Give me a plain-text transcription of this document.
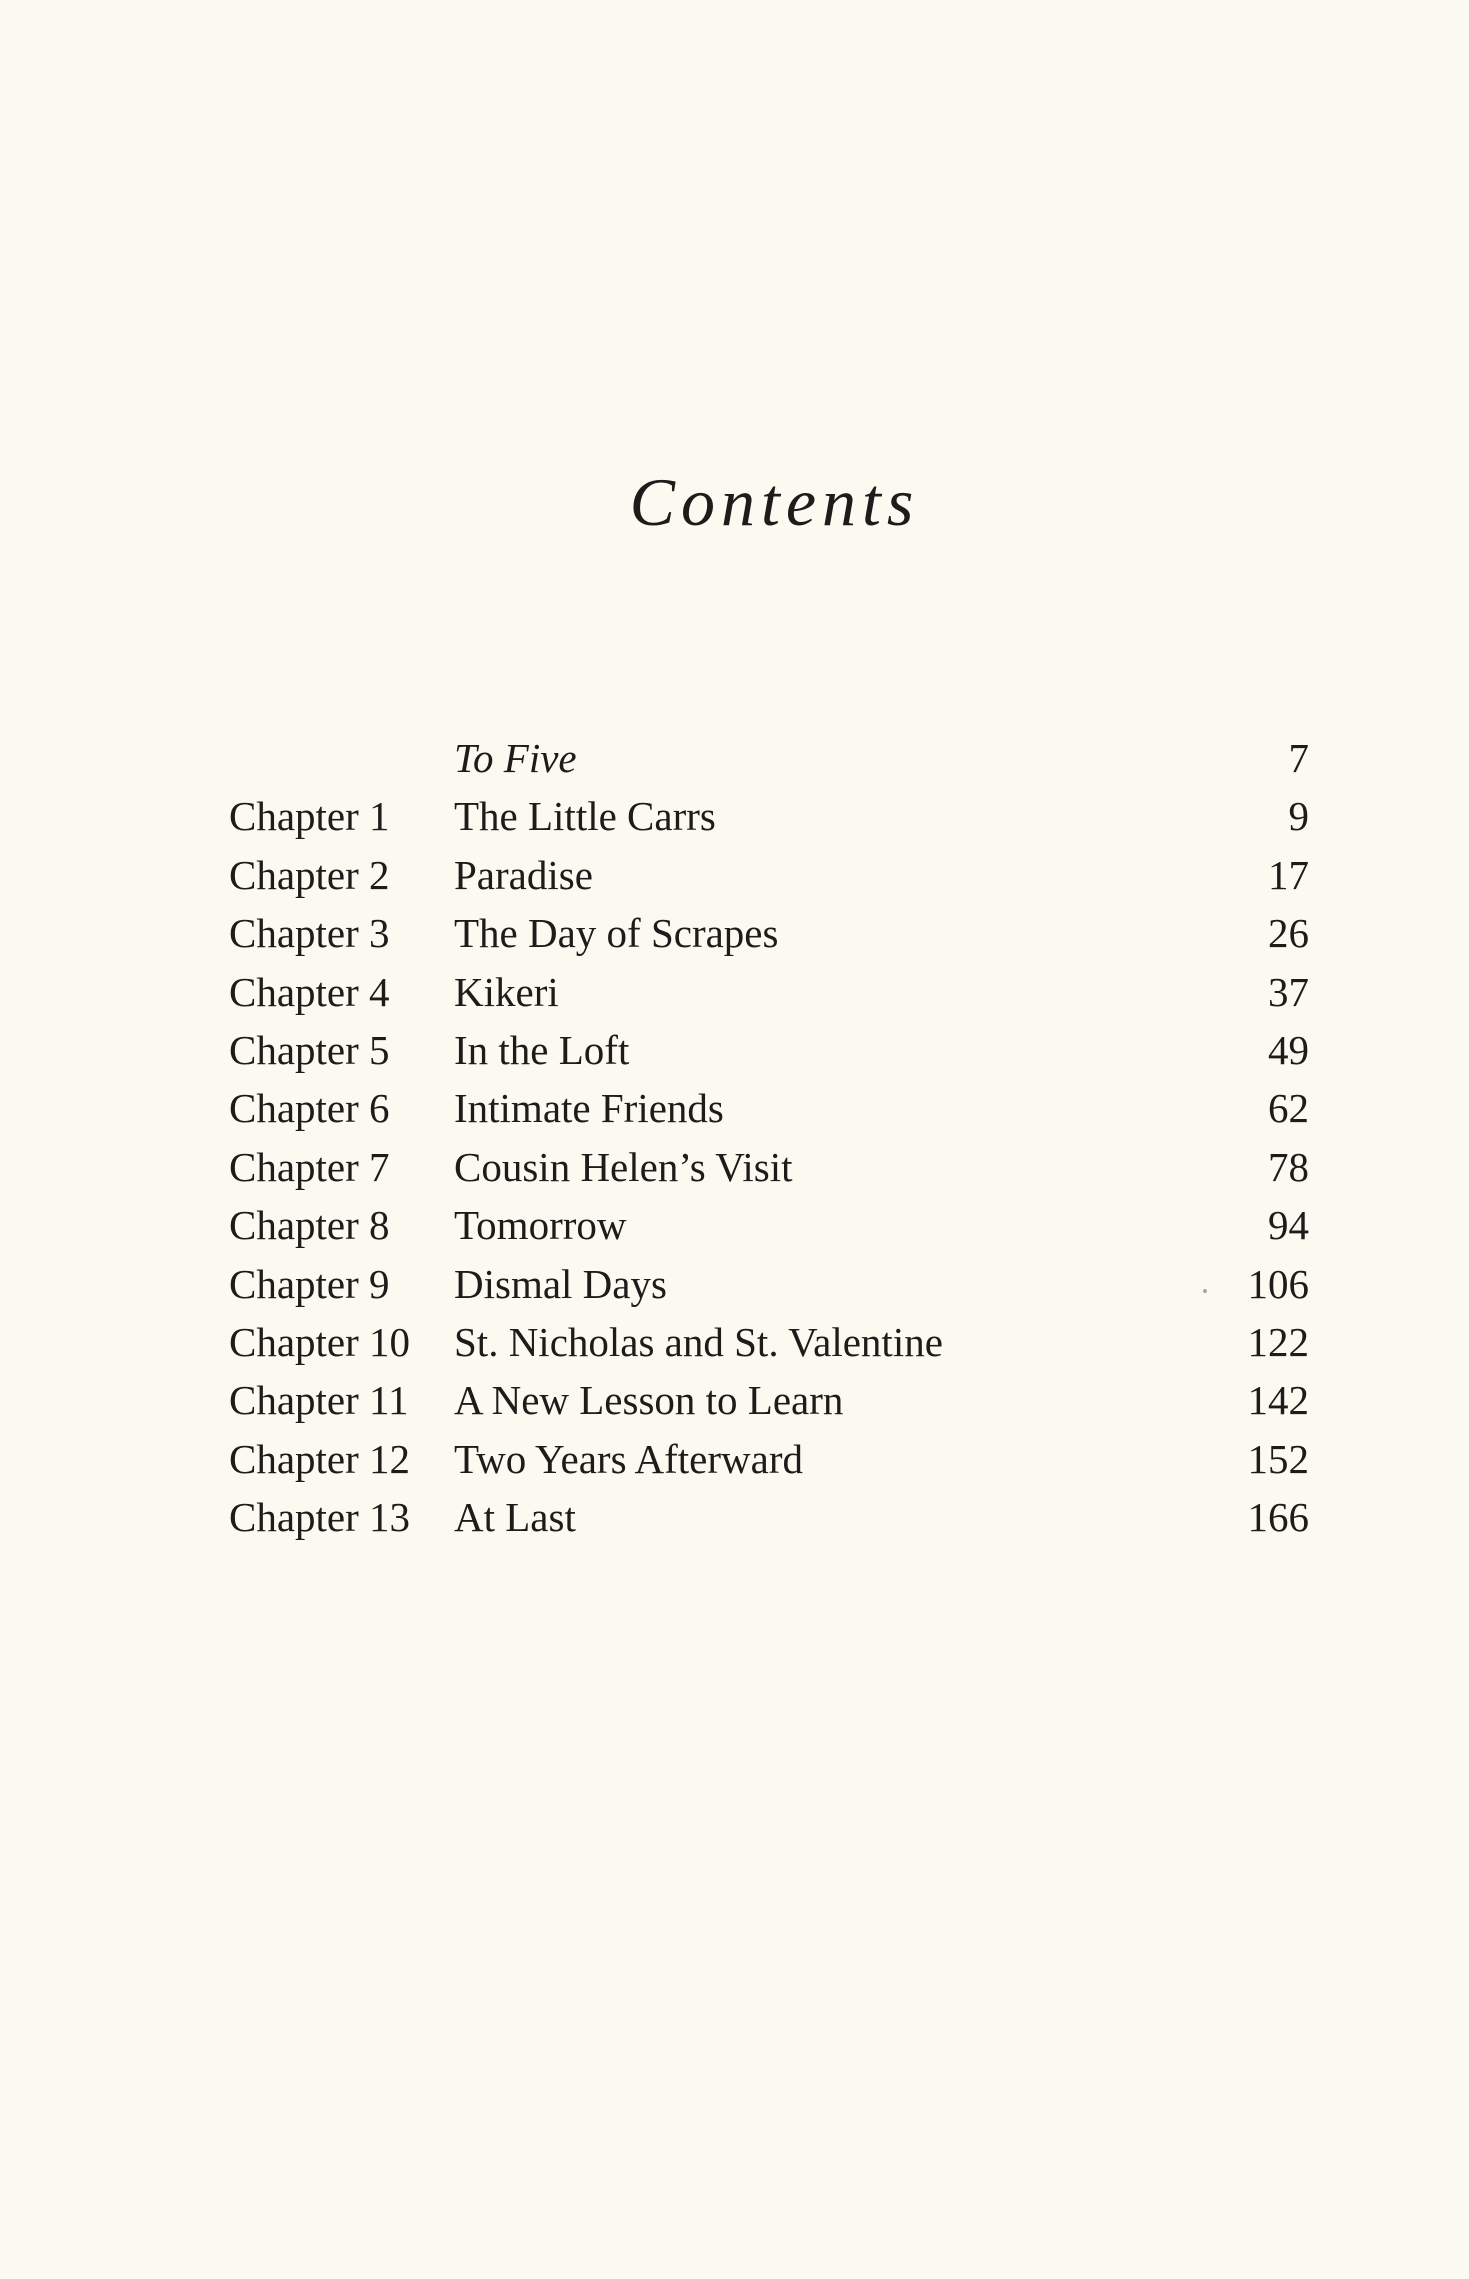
Contents
To Five	7
Chapter 1 The Little Carrs	9
Chapter 2 Paradise	17
Chapter 3 The Day of Scrapes	26
Chapter 4 Kikeri	37
Chapter 5 In the Loft	49
Chapter 6 Intimate Friends	62
Chapter 7 Cousin Helen’s Visit	78
Chapter 8 Tomorrow	94
Chapter 9 Dismal Days	106
Chapter 10 St. Nicholas and St. Valentine	122
Chapter 11 A New Lesson to Learn	142
Chapter 12 Two Years Afterward	152
Chapter 13 At Last	166
